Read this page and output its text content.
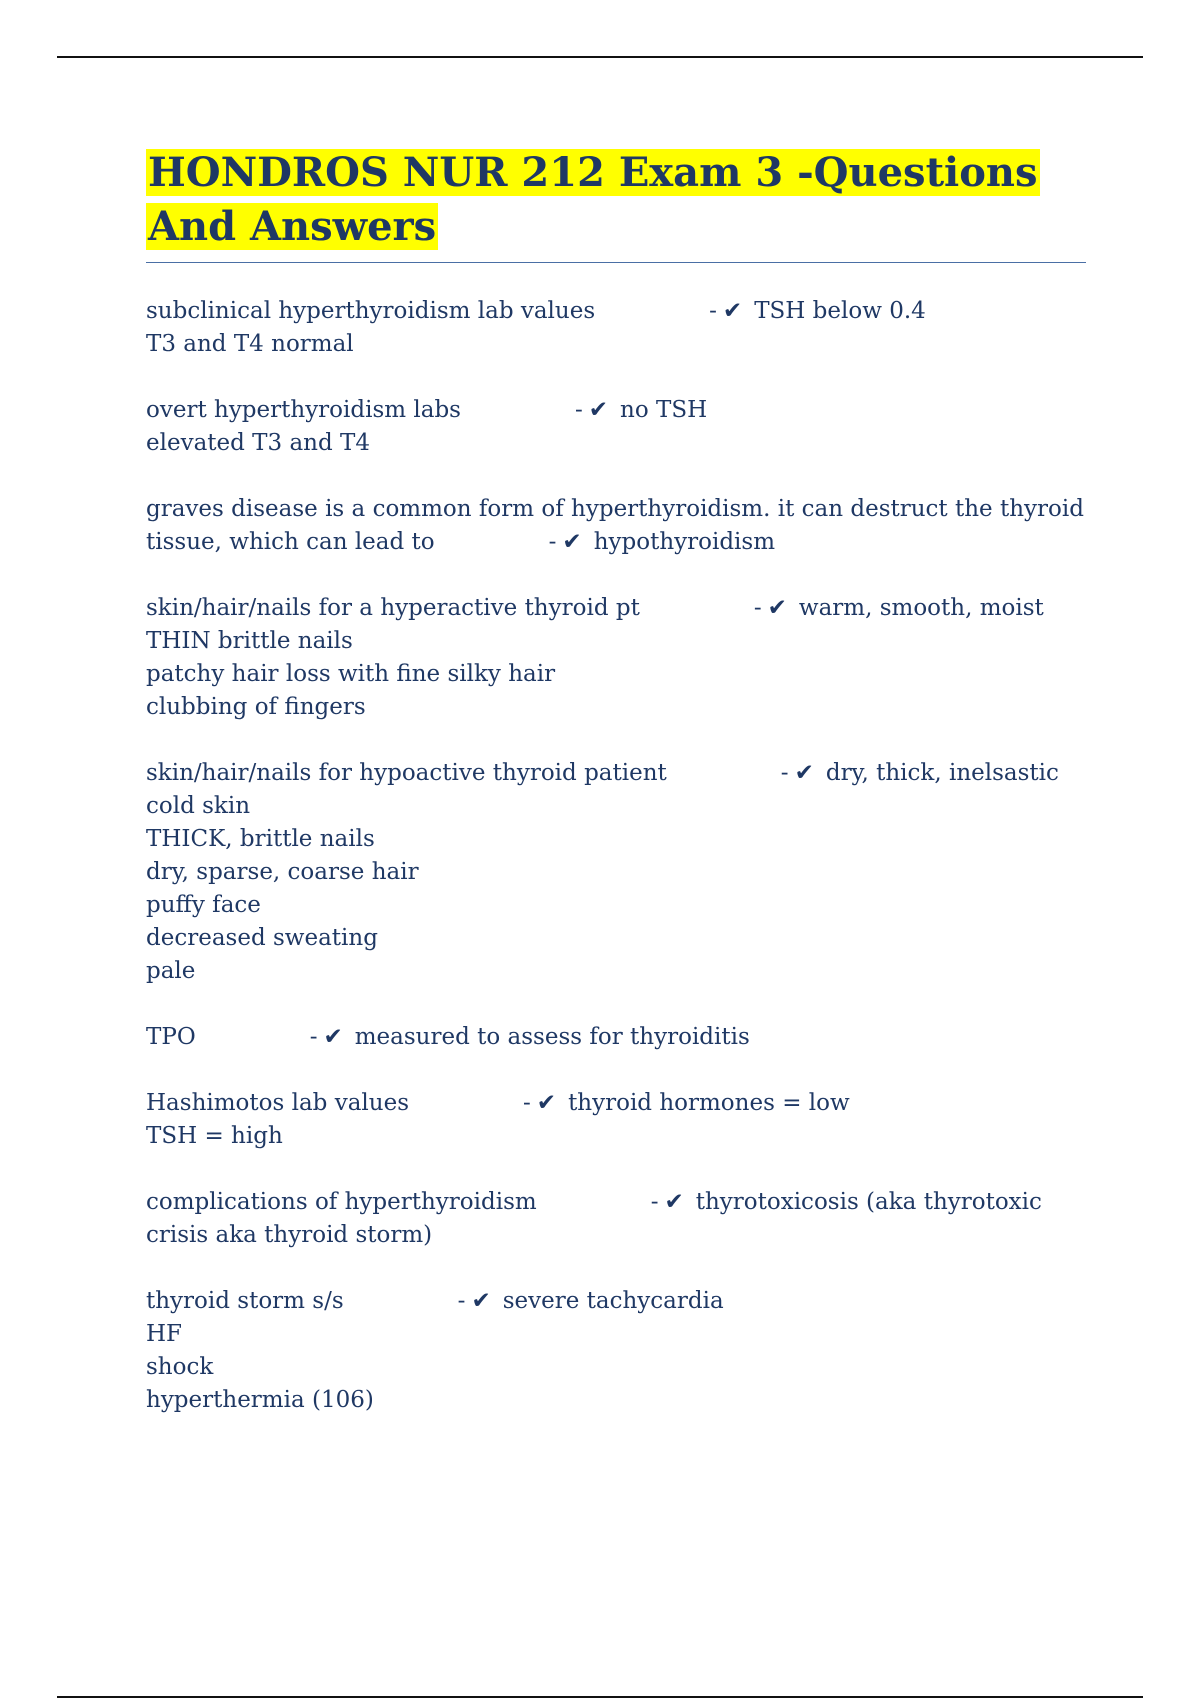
HONDROS NUR 212 Exam 3 -Questions And Answers
subclinical hyperthyroidism lab values	- ✔ TSH below 0.4
T3 and T4 normal
overt hyperthyroidism labs	- ✔ no TSH
elevated T3 and T4
graves disease is a common form of hyperthyroidism. it can destruct the thyroid tissue, which can lead to	- ✔ hypothyroidism
skin/hair/nails for a hyperactive thyroid pt	- ✔ warm, smooth, moist
THIN brittle nails
patchy hair loss with fine silky hair
clubbing of fingers
skin/hair/nails for hypoactive thyroid patient	- ✔ dry, thick, inelsastic cold skin
THICK, brittle nails
dry, sparse, coarse hair
puffy face
decreased sweating
pale
TPO	- ✔ measured to assess for thyroiditis
Hashimotos lab values	- ✔ thyroid hormones = low
TSH = high
complications of hyperthyroidism	- ✔ thyrotoxicosis (aka thyrotoxic crisis aka thyroid storm)
thyroid storm s/s	- ✔ severe tachycardia
HF
shock
hyperthermia (106)
